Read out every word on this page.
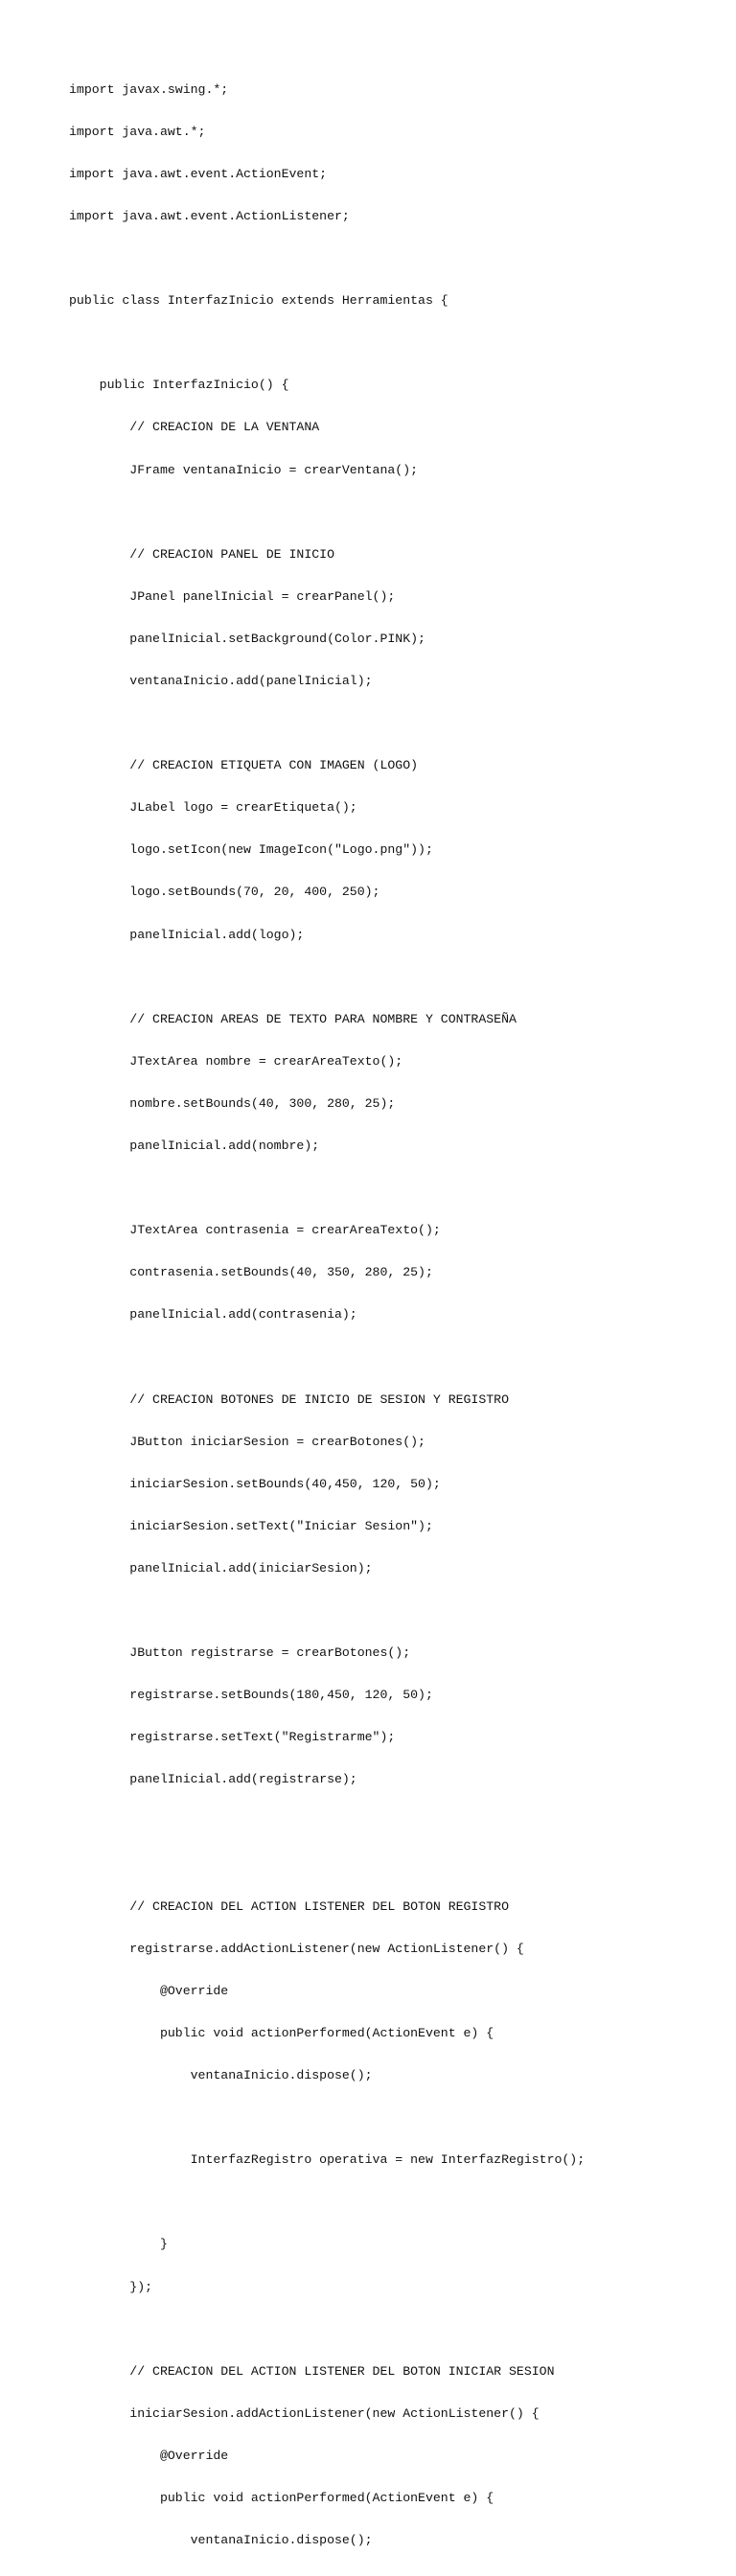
import javax.swing.*;

import java.awt.*;

import java.awt.event.ActionEvent;

import java.awt.event.ActionListener;

public class InterfazInicio extends Herramientas {

public InterfazInicio() {

// CREACION DE LA VENTANA

JFrame ventanaInicio = crearVentana();

// CREACION PANEL DE INICIO

JPanel panelInicial = crearPanel();

panelInicial.setBackground(Color.PINK);

ventanaInicio.add(panelInicial);

// CREACION ETIQUETA CON IMAGEN (LOGO)

JLabel logo = crearEtiqueta();

logo.setIcon(new ImageIcon("Logo.png"));

logo.setBounds(70, 20, 400, 250);

panelInicial.add(logo);

// CREACION AREAS DE TEXTO PARA NOMBRE Y CONTRASEÑA

JTextArea nombre = crearAreaTexto();

nombre.setBounds(40, 300, 280, 25);

panelInicial.add(nombre);

JTextArea contrasenia = crearAreaTexto();

contrasenia.setBounds(40, 350, 280, 25);

panelInicial.add(contrasenia);

// CREACION BOTONES DE INICIO DE SESION Y REGISTRO

JButton iniciarSesion = crearBotones();

iniciarSesion.setBounds(40,450, 120, 50);

iniciarSesion.setText("Iniciar Sesion");

panelInicial.add(iniciarSesion);

JButton registrarse = crearBotones();

registrarse.setBounds(180,450, 120, 50);

registrarse.setText("Registrarme");

panelInicial.add(registrarse);

// CREACION DEL ACTION LISTENER DEL BOTON REGISTRO

registrarse.addActionListener(new ActionListener() {

@Override

public void actionPerformed(ActionEvent e) {

ventanaInicio.dispose();

InterfazRegistro operativa = new InterfazRegistro();

}

});

// CREACION DEL ACTION LISTENER DEL BOTON INICIAR SESION

iniciarSesion.addActionListener(new ActionListener() {

@Override

public void actionPerformed(ActionEvent e) {

ventanaInicio.dispose();
